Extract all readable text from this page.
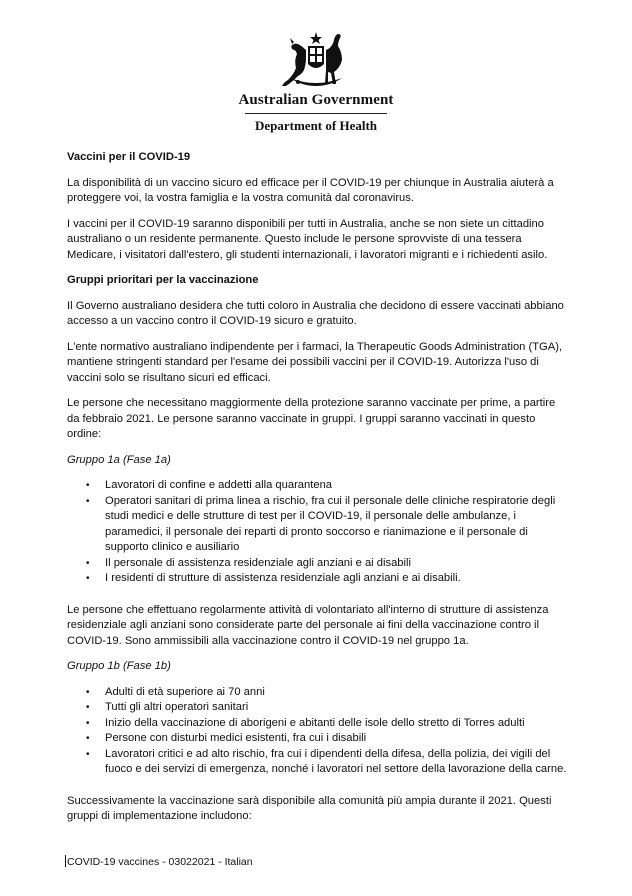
Australian Government
Department of Health

Vaccini per il COVID-19

La disponibilità di un vaccino sicuro ed efficace per il COVID-19 per chiunque in Australia aiuterà a proteggere voi, la vostra famiglia e la vostra comunità dal coronavirus.

I vaccini per il COVID-19 saranno disponibili per tutti in Australia, anche se non siete un cittadino australiano o un residente permanente. Questo include le persone sprovviste di una tessera Medicare, i visitatori dall'estero, gli studenti internazionali, i lavoratori migranti e i richiedenti asilo.

Gruppi prioritari per la vaccinazione

Il Governo australiano desidera che tutti coloro in Australia che decidono di essere vaccinati abbiano accesso a un vaccino contro il COVID-19 sicuro e gratuito.

L'ente normativo australiano indipendente per i farmaci, la Therapeutic Goods Administration (TGA), mantiene stringenti standard per l'esame dei possibili vaccini per il COVID-19. Autorizza l'uso di vaccini solo se risultano sicuri ed efficaci.

Le persone che necessitano maggiormente della protezione saranno vaccinate per prime, a partire da febbraio 2021. Le persone saranno vaccinate in gruppi. I gruppi saranno vaccinati in questo ordine:

Gruppo 1a (Fase 1a)

• Lavoratori di confine e addetti alla quarantena
• Operatori sanitari di prima linea a rischio, fra cui il personale delle cliniche respiratorie degli studi medici e delle strutture di test per il COVID-19, il personale delle ambulanze, i paramedici, il personale dei reparti di pronto soccorso e rianimazione e il personale di supporto clinico e ausiliario
• Il personale di assistenza residenziale agli anziani e ai disabili
• I residenti di strutture di assistenza residenziale agli anziani e ai disabili.

Le persone che effettuano regolarmente attività di volontariato all'interno di strutture di assistenza residenziale agli anziani sono considerate parte del personale ai fini della vaccinazione contro il COVID-19. Sono ammissibili alla vaccinazione contro il COVID-19 nel gruppo 1a.

Gruppo 1b (Fase 1b)

• Adulti di età superiore ai 70 anni
• Tutti gli altri operatori sanitari
• Inizio della vaccinazione di aborigeni e abitanti delle isole dello stretto di Torres adulti
• Persone con disturbi medici esistenti, fra cui i disabili
• Lavoratori critici e ad alto rischio, fra cui i dipendenti della difesa, della polizia, dei vigili del fuoco e dei servizi di emergenza, nonché i lavoratori nel settore della lavorazione della carne.

Successivamente la vaccinazione sarà disponibile alla comunità più ampia durante il 2021. Questi gruppi di implementazione includono:

COVID-19 vaccines - 03022021 - Italian
